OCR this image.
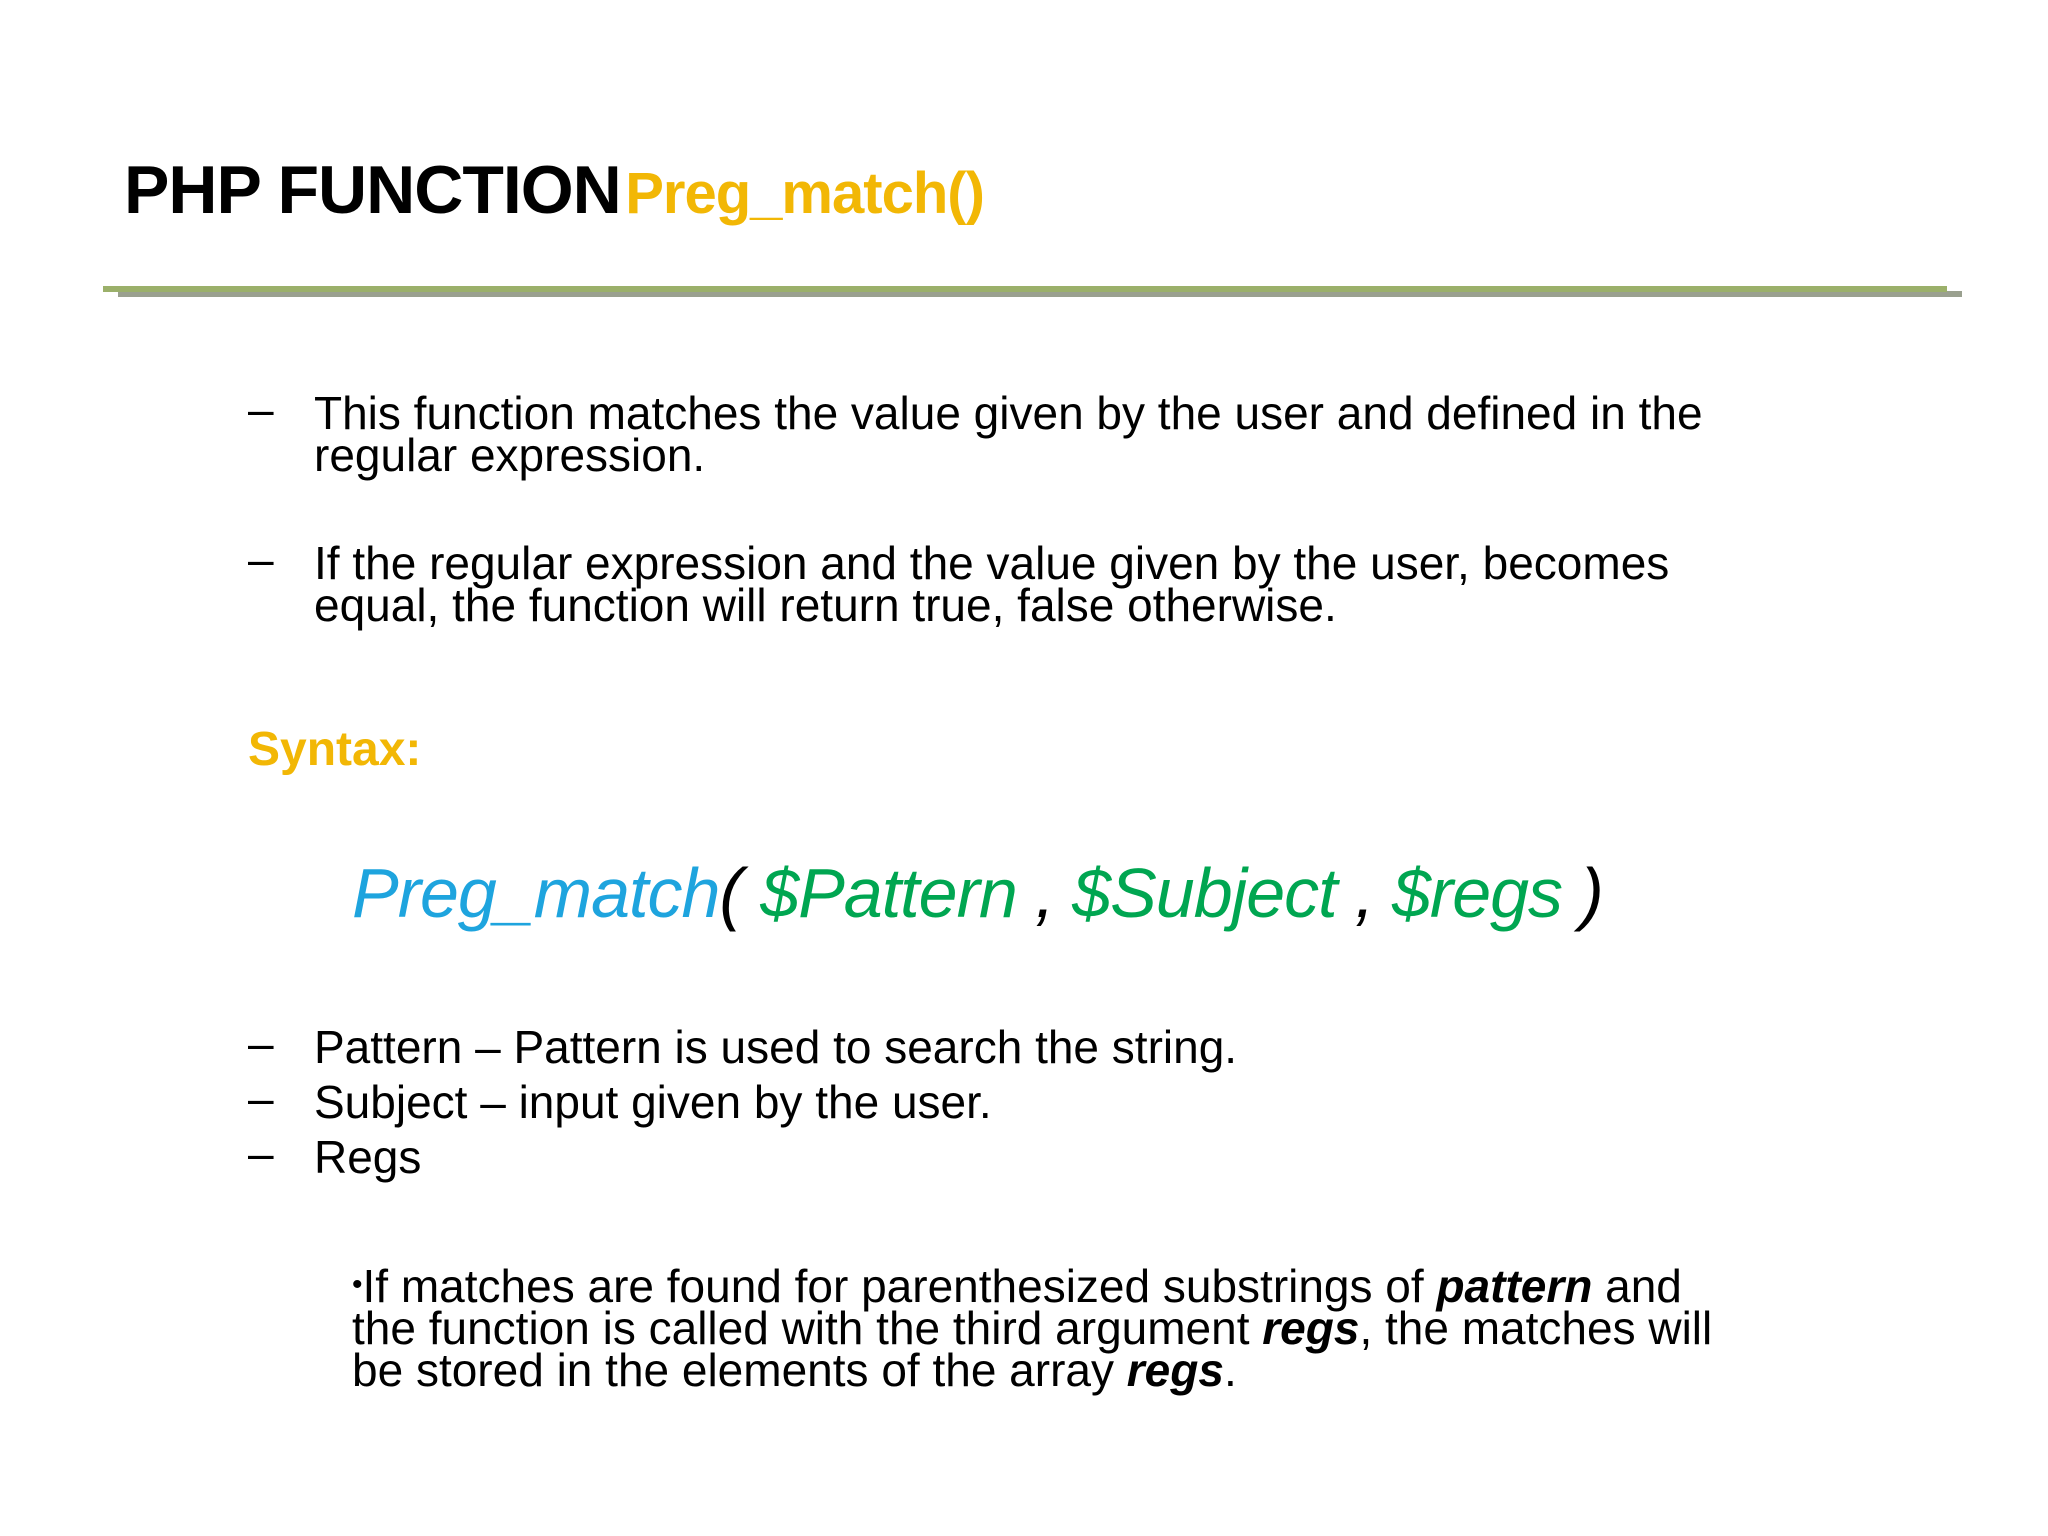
PHP FUNCTION Preg_match()
– This function matches the value given by the user and defined in the
regular expression.
– If the regular expression and the value given by the user, becomes
equal, the function will return true, false otherwise.
Syntax:
Preg_match( $Pattern , $Subject , $regs )
– Pattern – Pattern is used to search the string.
– Subject – input given by the user.
– Regs

•If matches are found for parenthesized substrings of pattern and

the function is called with the third argument regs, the matches will

be stored in the elements of the array regs.
